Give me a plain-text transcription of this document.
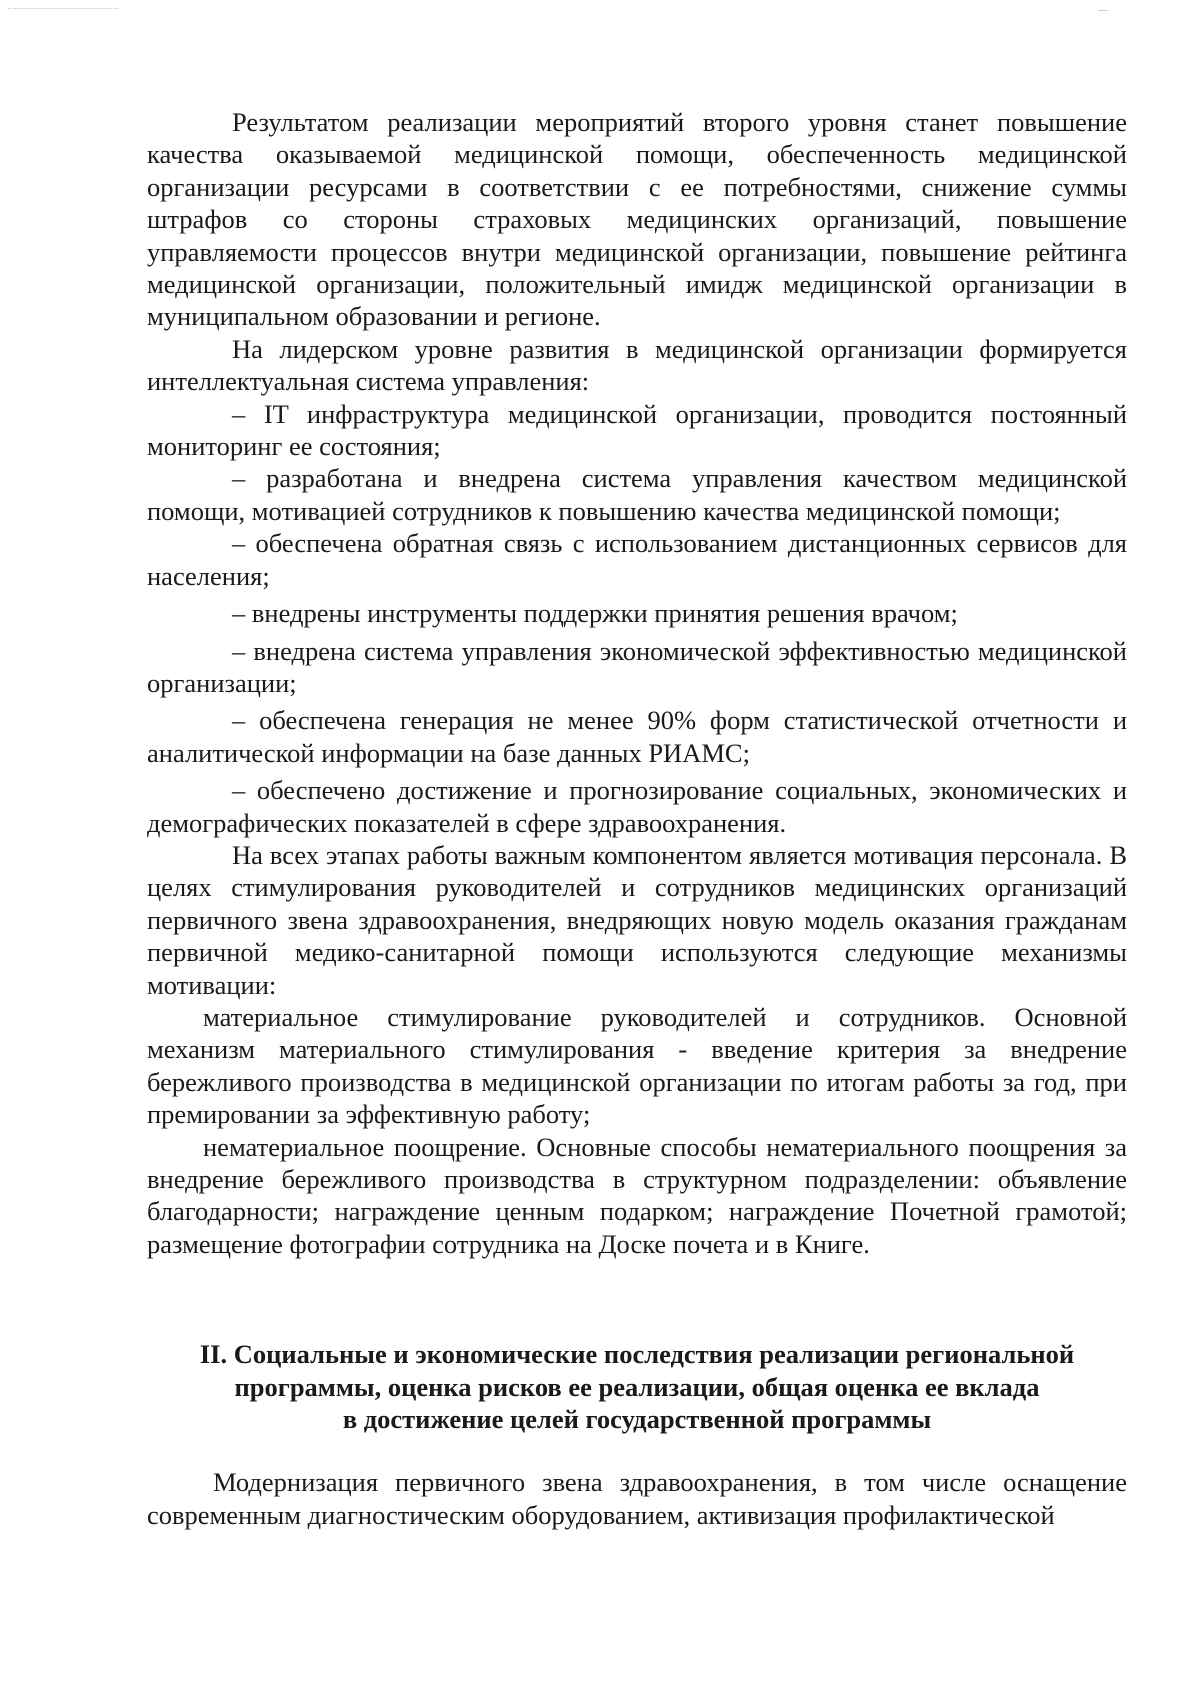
Результатом реализации мероприятий второго уровня станет повышение качества оказываемой медицинской помощи, обеспеченность медицинской организации ресурсами в соответствии с ее потребностями, снижение суммы штрафов со стороны страховых медицинских организаций, повышение управляемости процессов внутри медицинской организации, повышение рейтинга медицинской организации, положительный имидж медицинской организации в муниципальном образовании и регионе.

На лидерском уровне развития в медицинской организации формируется интеллектуальная система управления:

– IT инфраструктура медицинской организации, проводится постоянный мониторинг ее состояния;

– разработана и внедрена система управления качеством медицинской помощи, мотивацией сотрудников к повышению качества медицинской помощи;

– обеспечена обратная связь с использованием дистанционных сервисов для населения;

– внедрены инструменты поддержки принятия решения врачом;

– внедрена система управления экономической эффективностью медицинской организации;

– обеспечена генерация не менее 90% форм статистической отчетности и аналитической информации на базе данных РИАМС;

– обеспечено достижение и прогнозирование социальных, экономических и демографических показателей в сфере здравоохранения.

На всех этапах работы важным компонентом является мотивация персонала. В целях стимулирования руководителей и сотрудников медицинских организаций первичного звена здравоохранения, внедряющих новую модель оказания гражданам первичной медико-санитарной помощи используются следующие механизмы мотивации:

материальное стимулирование руководителей и сотрудников. Основной механизм материального стимулирования - введение критерия за внедрение бережливого производства в медицинской организации по итогам работы за год, при премировании за эффективную работу;

нематериальное поощрение. Основные способы нематериального поощрения за внедрение бережливого производства в структурном подразделении: объявление благодарности; награждение ценным подарком; награждение Почетной грамотой; размещение фотографии сотрудника на Доске почета и в Книге.

II. Социальные и экономические последствия реализации региональной
программы, оценка рисков ее реализации, общая оценка ее вклада
в достижение целей государственной программы

Модернизация первичного звена здравоохранения, в том числе оснащение современным диагностическим оборудованием, активизация профилактической
